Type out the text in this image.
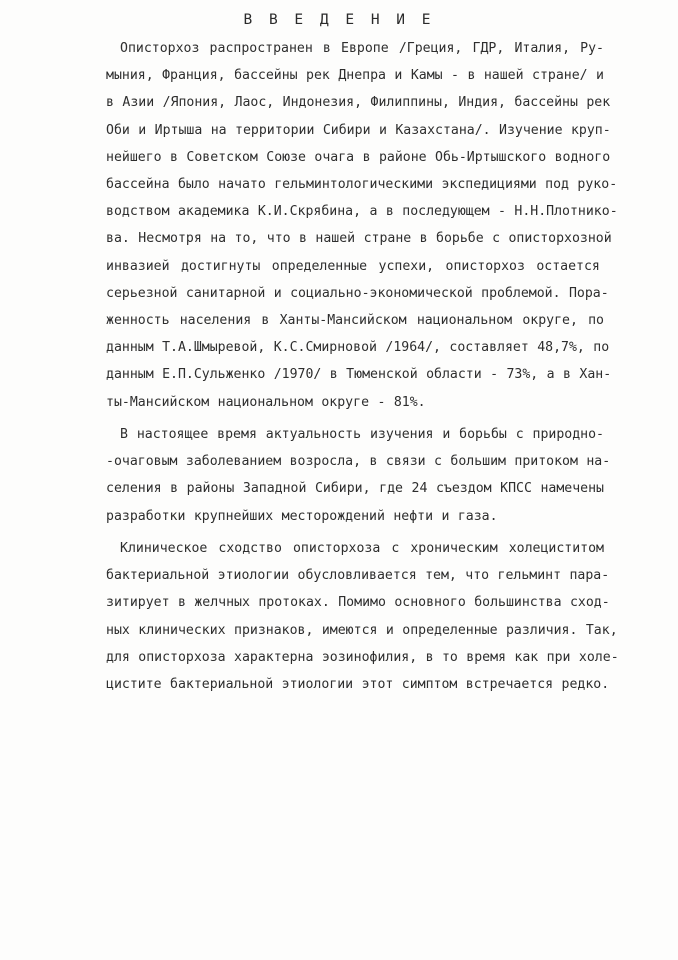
В В Е Д Е Н И Е
Описторхоз распространен в Европе /Греция, ГДР, Италия, Ру-
мыния, Франция, бассейны рек Днепра и Камы - в нашей стране/ и
в Азии /Япония, Лаос, Индонезия, Филиппины, Индия, бассейны рек
Оби и Иртыша на территории Сибири и Казахстана/. Изучение круп-
нейшего в Советском Союзе очага в районе Обь-Иртышского водного
бассейна было начато гельминтологическими экспедициями под руко-
водством академика К.И.Скрябина, а в последующем - Н.Н.Плотнико-
ва. Несмотря на то, что в нашей стране в борьбе с описторхозной
инвазией достигнуты определенные успехи, описторхоз остается
серьезной санитарной и социально-экономической проблемой. Пора-
женность населения в Ханты-Мансийском национальном округе, по
данным Т.А.Шмыревой, К.С.Смирновой /1964/, составляет 48,7%, по
данным Е.П.Сульженко /1970/ в Тюменской области - 73%, а в Хан-
ты-Мансийском национальном округе - 81%.
В настоящее время актуальность изучения и борьбы с природно-
-очаговым заболеванием возросла, в связи с большим притоком на-
селения в районы Западной Сибири, где 24 съездом КПСС намечены
разработки крупнейших месторождений нефти и газа.
Клиническое сходство описторхоза с хроническим холециститом
бактериальной этиологии обусловливается тем, что гельминт пара-
зитирует в желчных протоках. Помимо основного большинства сход-
ных клинических признаков, имеются и определенные различия. Так,
для описторхоза характерна эозинофилия, в то время как при холе-
цистите бактериальной этиологии этот симптом встречается редко.
